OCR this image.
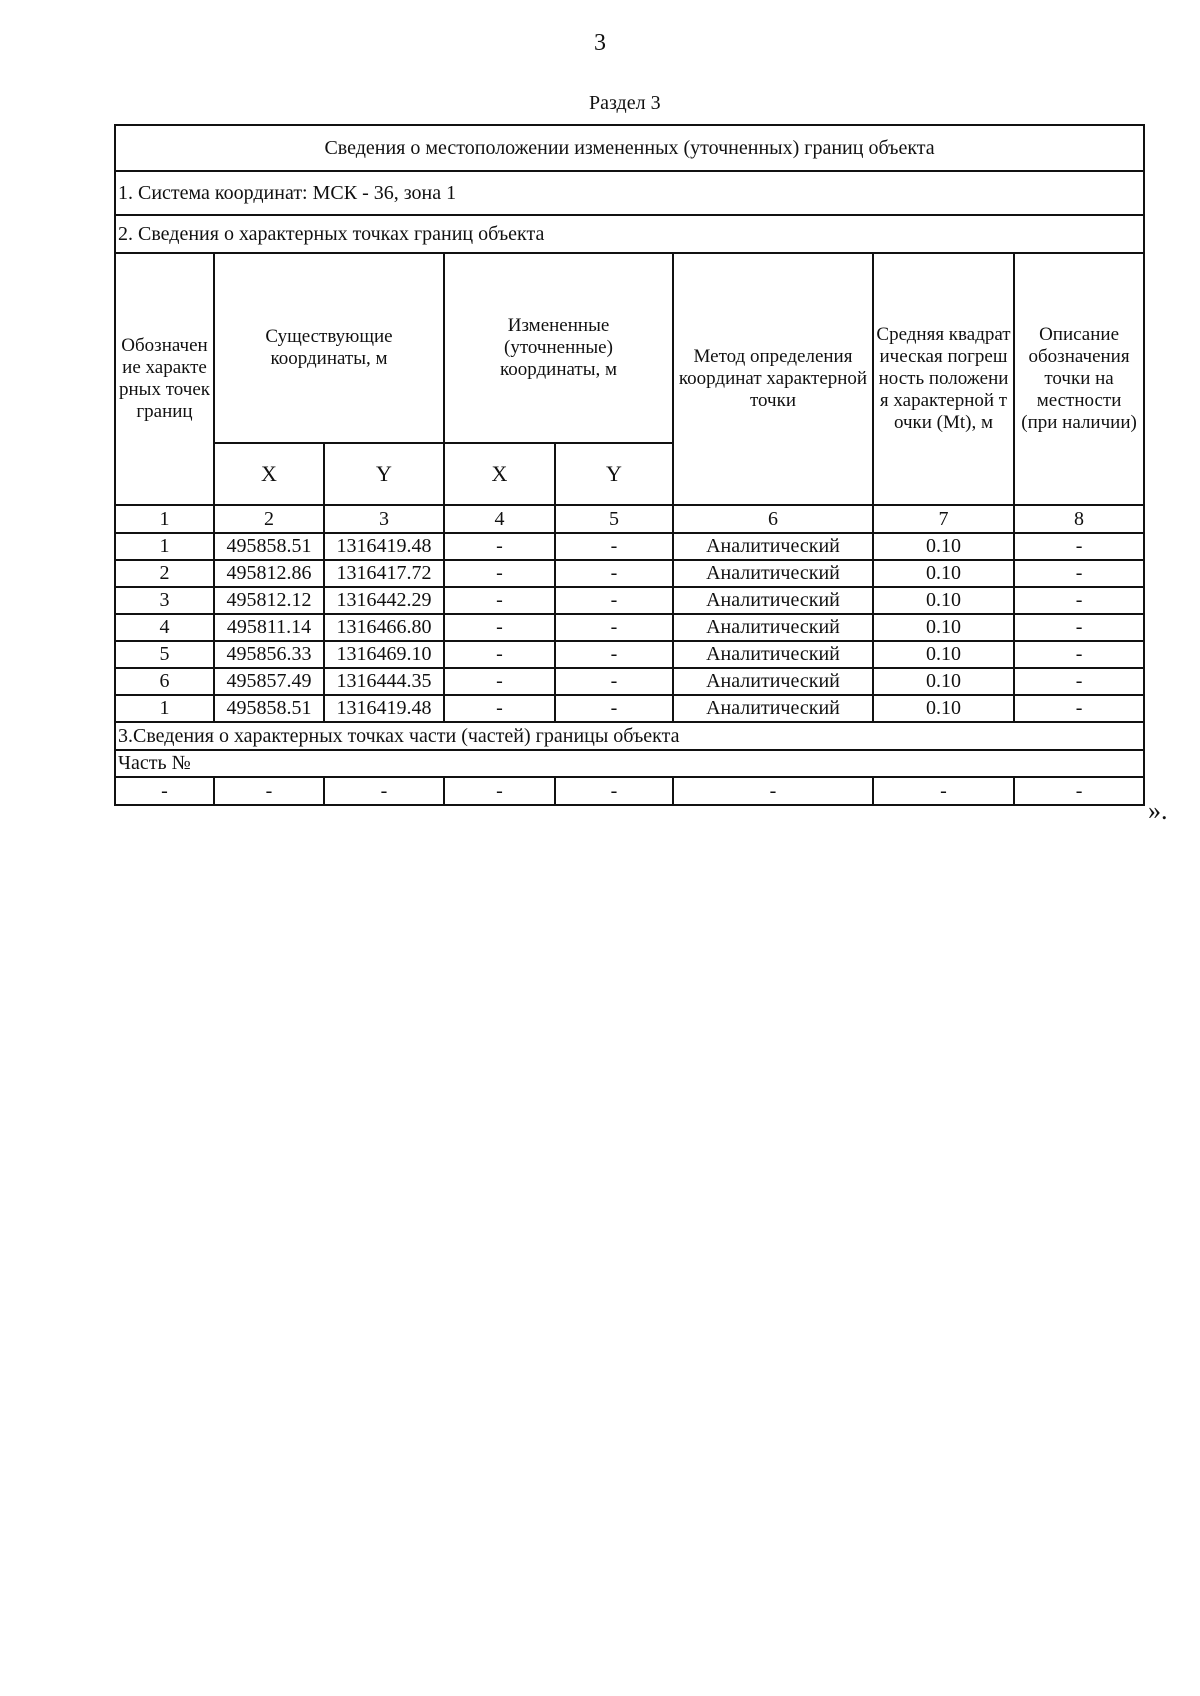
3
Раздел 3
Сведения о местоположении измененных (уточненных) границ объекта							
1. Система координат: МСК - 36, зона 1							
2. Сведения о характерных точках границ объекта							
Обозначение характерных точек границ	Существующие координаты, м		Измененные (уточненные) координаты, м		Метод определения координат характерной точки	Средняя квадратическая погрешность положения характерной точки (Mt), м	Описание обозначения точки на местности (при наличии)
	X	Y	X	Y			
1	2	3	4	5	6	7	8
1	495858.51	1316419.48	-	-	Аналитический	0.10	-
2	495812.86	1316417.72	-	-	Аналитический	0.10	-
3	495812.12	1316442.29	-	-	Аналитический	0.10	-
4	495811.14	1316466.80	-	-	Аналитический	0.10	-
5	495856.33	1316469.10	-	-	Аналитический	0.10	-
6	495857.49	1316444.35	-	-	Аналитический	0.10	-
1	495858.51	1316419.48	-	-	Аналитический	0.10	-
3.Сведения о характерных точках части (частей) границы объекта							
Часть №							
-	-	-	-	-	-	-	-
».
